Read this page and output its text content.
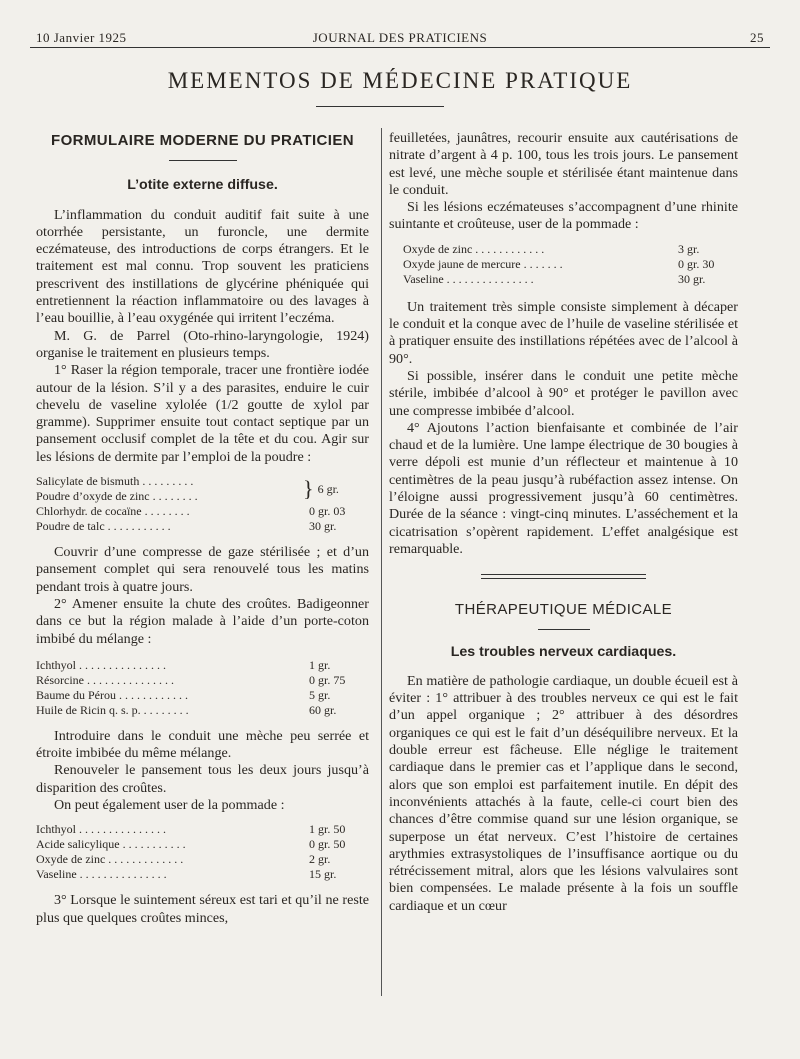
10 Janvier 1925	JOURNAL DES PRATICIENS	25
MEMENTOS DE MÉDECINE PRATIQUE
FORMULAIRE MODERNE DU PRATICIEN
L’otite externe diffuse.

L’inflammation du conduit auditif fait suite à une otorrhée persistante, un furoncle, une dermite eczémateuse, des introductions de corps étrangers. Et le traitement est mal connu. Trop souvent les praticiens prescrivent des instillations de glycérine phéniquée qui entretiennent la réaction inflammatoire ou des lavages à l’eau bouillie, à l’eau oxygénée qui irritent l’eczéma.

M. G. de Parrel (Oto-rhino-laryngologie, 1924) organise le traitement en plusieurs temps.

1° Raser la région temporale, tracer une frontière iodée autour de la lésion. S’il y a des parasites, enduire le cuir chevelu de vaseline xylolée (1/2 goutte de xylol par gramme). Supprimer ensuite tout contact septique par un pansement occlusif complet de la tête et du cou. Agir sur les lésions de dermite par l’emploi de la poudre :

Salicylate de bismuth . . . . . . . . .
Poudre d’oxyde de zinc . . . . . . . .	} 6 gr.
Chlorhydr. de cocaïne . . . . . . . .	0 gr. 03
Poudre de talc . . . . . . . . . . .	30 gr.

Couvrir d’une compresse de gaze stérilisée ; et d’un pansement complet qui sera renouvelé tous les matins pendant trois à quatre jours.

2° Amener ensuite la chute des croûtes. Badigeonner dans ce but la région malade à l’aide d’un porte-coton imbibé du mélange :

Ichthyol . . . . . . . . . . . . . . .	1 gr.
Résorcine . . . . . . . . . . . . . . .	0 gr. 75
Baume du Pérou . . . . . . . . . . . .	5 gr.
Huile de Ricin q. s. p. . . . . . . . .	60 gr.

Introduire dans le conduit une mèche peu serrée et étroite imbibée du même mélange.

Renouveler le pansement tous les deux jours jusqu’à disparition des croûtes.

On peut également user de la pommade :

Ichthyol . . . . . . . . . . . . . . .	1 gr. 50
Acide salicylique . . . . . . . . . . .	0 gr. 50
Oxyde de zinc . . . . . . . . . . . . .	2 gr.
Vaseline . . . . . . . . . . . . . . .	15 gr.

3° Lorsque le suintement séreux est tari et qu’il ne reste plus que quelques croûtes minces,

feuilletées, jaunâtres, recourir ensuite aux cautérisations de nitrate d’argent à 4 p. 100, tous les trois jours. Le pansement est levé, une mèche souple et stérilisée étant maintenue dans le conduit.

Si les lésions eczémateuses s’accompagnent d’une rhinite suintante et croûteuse, user de la pommade :

Oxyde de zinc . . . . . . . . . . . .	3 gr.
Oxyde jaune de mercure . . . . . . .	0 gr. 30
Vaseline . . . . . . . . . . . . . . .	30 gr.

Un traitement très simple consiste simplement à décaper le conduit et la conque avec de l’huile de vaseline stérilisée et à pratiquer ensuite des instillations répétées avec de l’alcool à 90°.

Si possible, insérer dans le conduit une petite mèche stérile, imbibée d’alcool à 90° et protéger le pavillon avec une compresse imbibée d’alcool.

4° Ajoutons l’action bienfaisante et combinée de l’air chaud et de la lumière. Une lampe électrique de 30 bougies à verre dépoli est munie d’un réflecteur et maintenue à 10 centimètres de la peau jusqu’à rubéfaction assez intense. On l’éloigne aussi progressivement jusqu’à 60 centimètres. Durée de la séance : vingt-cinq minutes. L’asséchement et la cicatrisation s’opèrent rapidement. L’effet analgésique est remarquable.

THÉRAPEUTIQUE MÉDICALE
Les troubles nerveux cardiaques.

En matière de pathologie cardiaque, un double écueil est à éviter : 1° attribuer à des troubles nerveux ce qui est le fait d’un appel organique ; 2° attribuer à des désordres organiques ce qui est le fait d’un déséquilibre nerveux. Et la double erreur est fâcheuse. Elle néglige le traitement cardiaque dans le premier cas et l’applique dans le second, alors que son emploi est parfaitement inutile. En dépit des inconvénients attachés à la faute, celle-ci court bien des chances d’être commise quand sur une lésion organique, se superpose un état nerveux. C’est l’histoire de certaines arythmies extrasystoliques de l’insuffisance aortique ou du rétrécissement mitral, alors que les lésions valvulaires sont bien compensées. Le malade présente à la fois un souffle cardiaque et un cœur
